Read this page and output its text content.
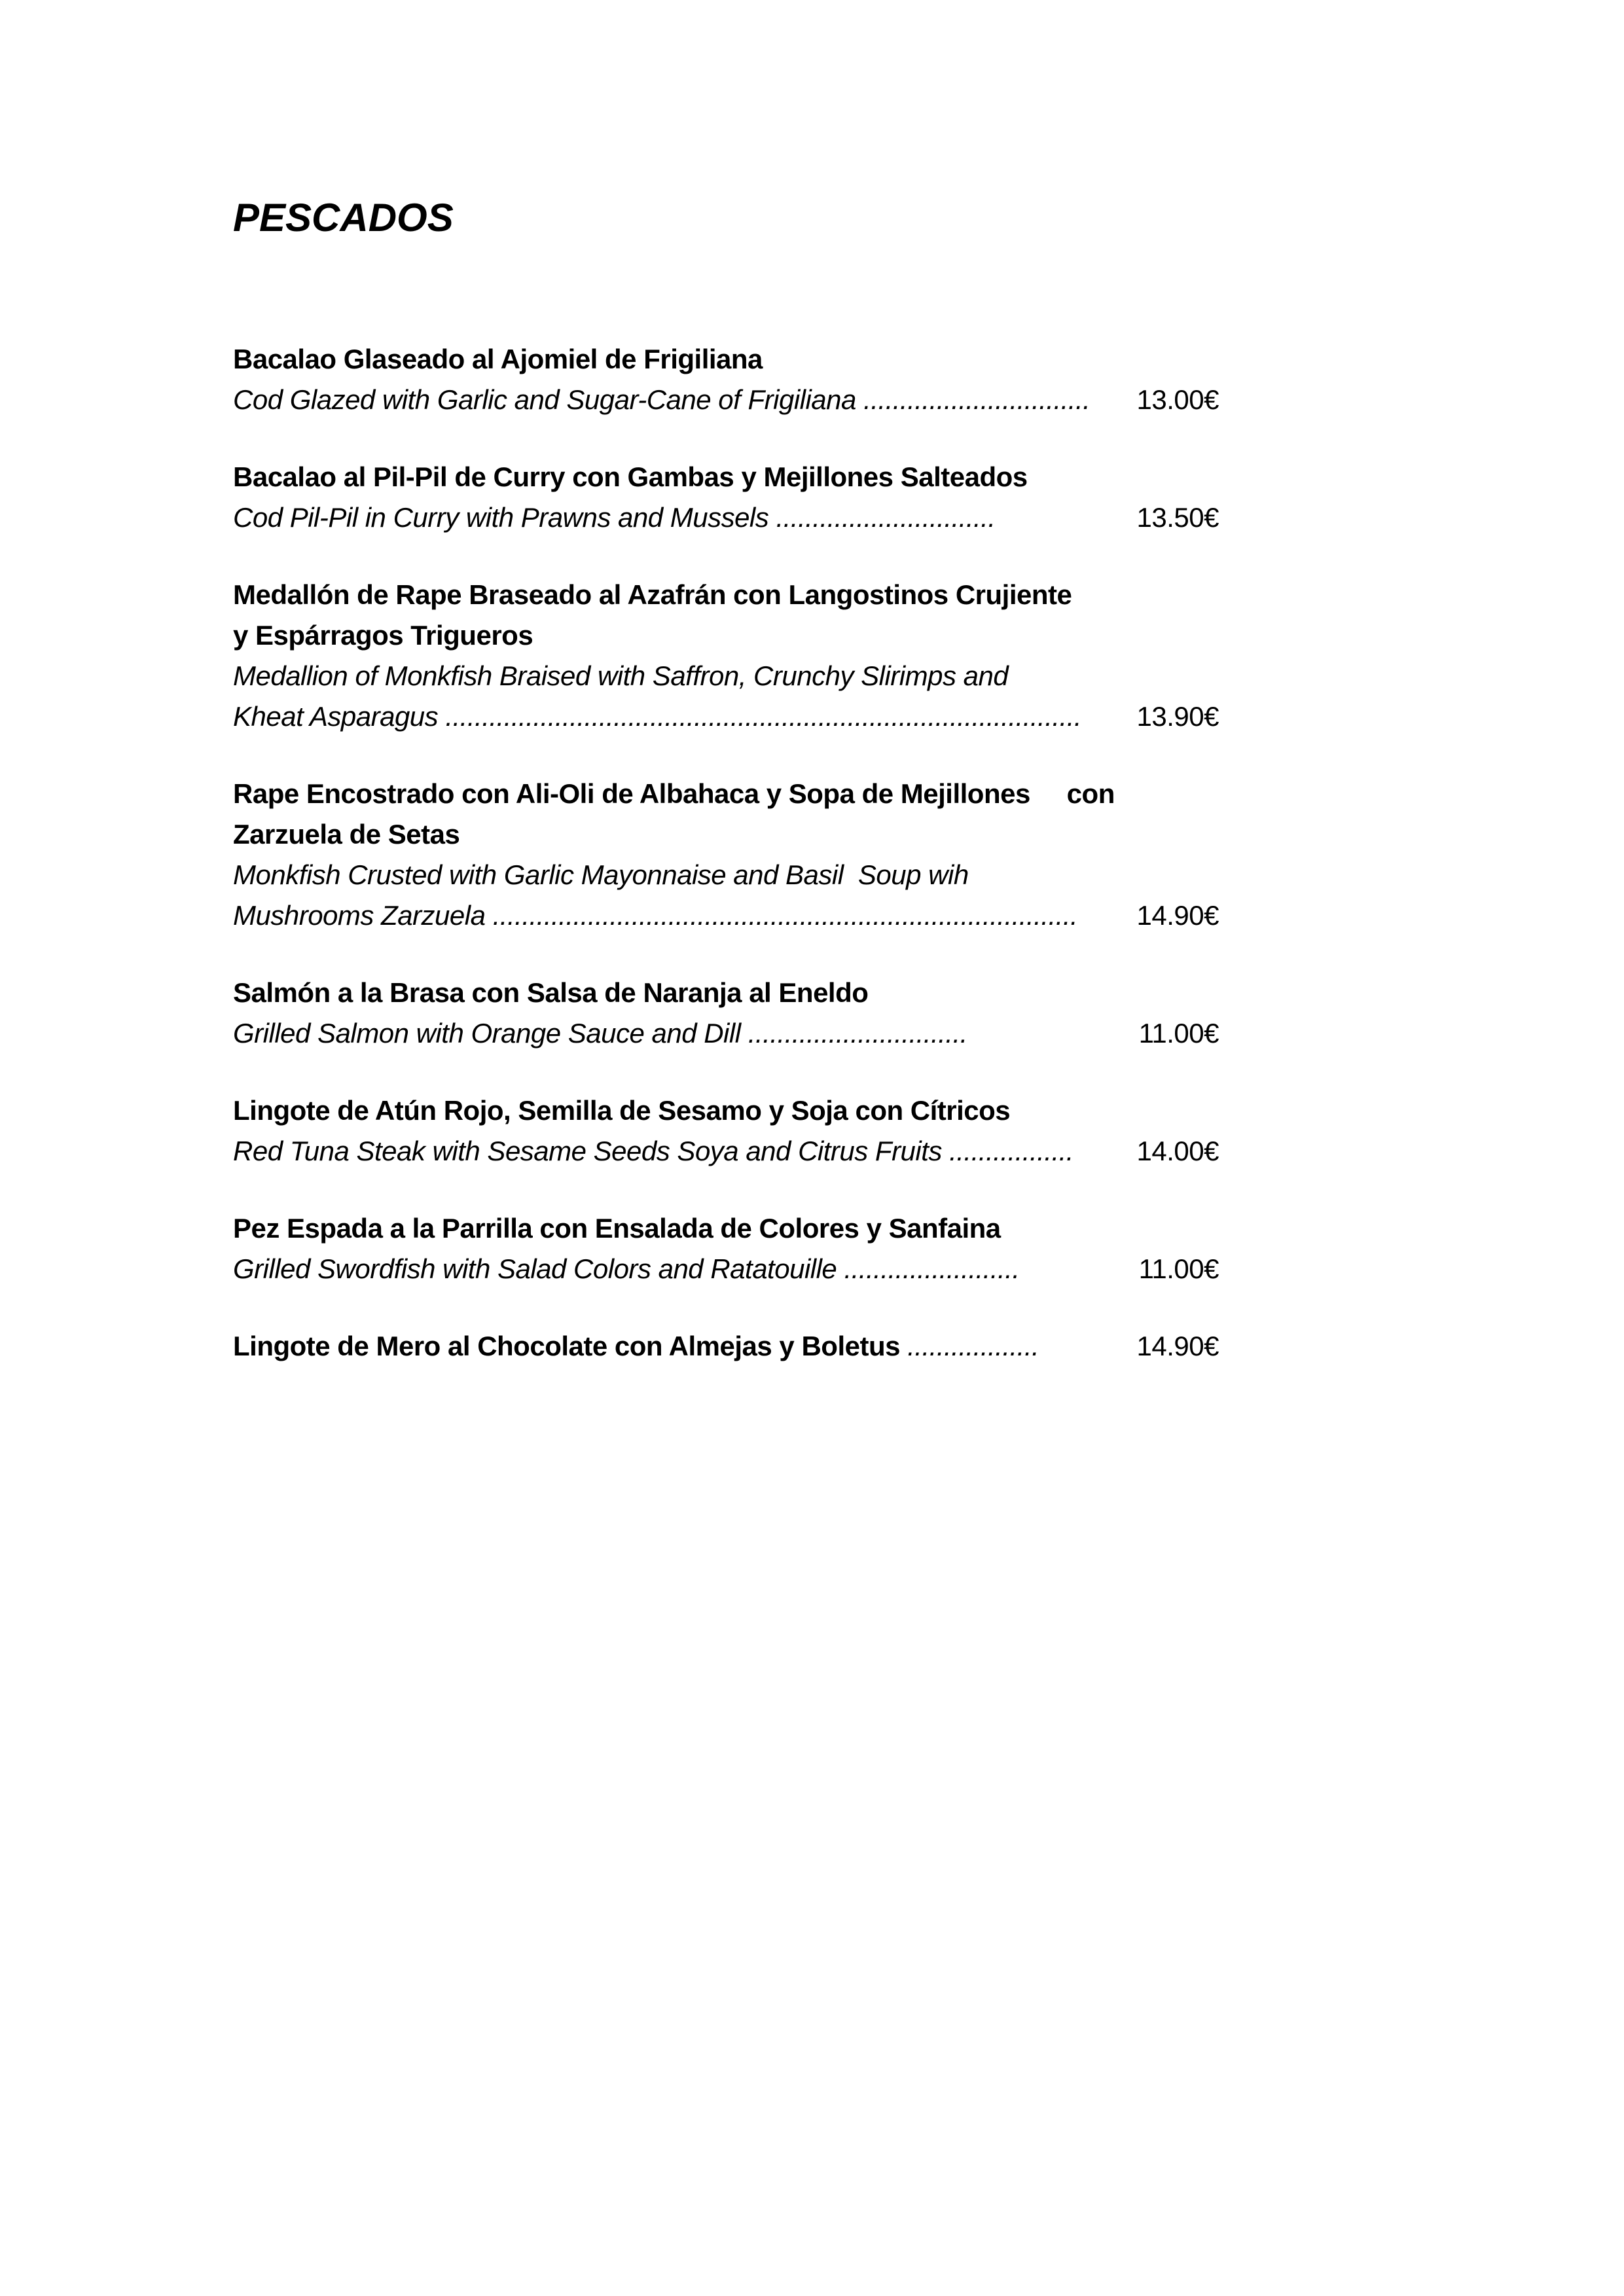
PESCADOS
Bacalao Glaseado al Ajomiel de Frigiliana
Cod Glazed with Garlic and Sugar-Cane of Frigiliana ............................... 13.00€
Bacalao al Pil-Pil de Curry con Gambas y Mejillones Salteados
Cod Pil-Pil in Curry with Prawns and Mussels ..............................	13.50€
Medallón de Rape Braseado al Azafrán con Langostinos Crujiente
y Espárragos Trigueros
Medallion of Monkfish Braised with Saffron, Crunchy Slirimps and
Kheat Asparagus ....................................................................................... 13.90€
Rape Encostrado con Ali-Oli de Albahaca y Sopa de Mejillones     con
Zarzuela de Setas
Monkfish Crusted with Garlic Mayonnaise and Basil  Soup wih
Mushrooms Zarzuela ................................................................................ 14.90€
Salmón a la Brasa con Salsa de Naranja al Eneldo
Grilled Salmon with Orange Sauce and Dill ..............................	11.00€
Lingote de Atún Rojo, Semilla de Sesamo y Soja con Cítricos
Red Tuna Steak with Sesame Seeds Soya and Citrus Fruits ................. 14.00€
Pez Espada a la Parrilla con Ensalada de Colores y Sanfaina
Grilled Swordfish with Salad Colors and Ratatouille ........................	11.00€
Lingote de Mero al Chocolate con Almejas y Boletus ..................	14.90€
